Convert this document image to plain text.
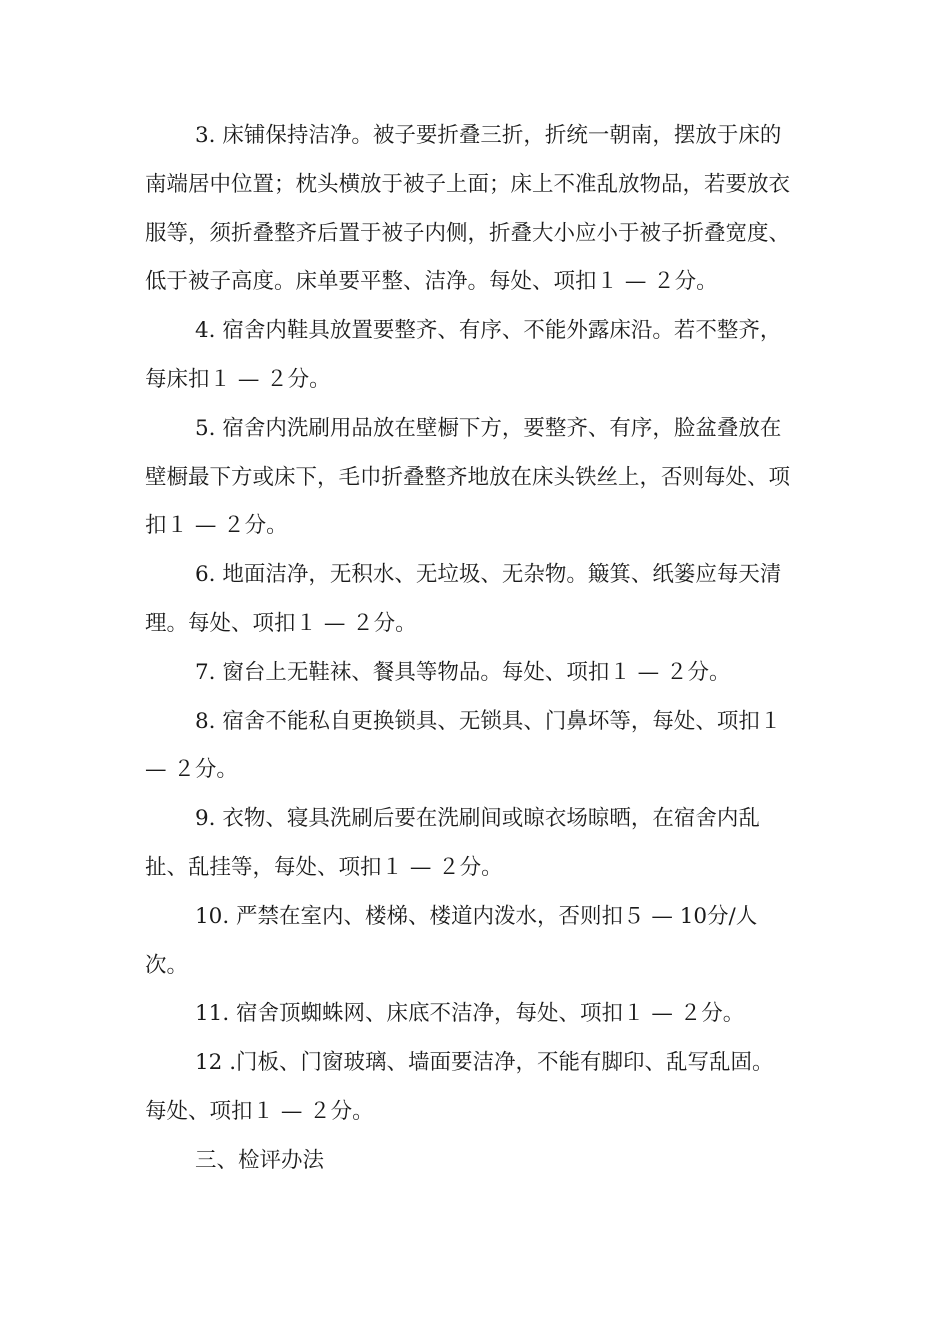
3. 床铺保持洁净。被子要折叠三折，折统一朝南，摆放于床的
南端居中位置；枕头横放于被子上面；床上不准乱放物品，若要放衣
服等，须折叠整齐后置于被子内侧，折叠大小应小于被子折叠宽度、
低于被子高度。床单要平整、洁净。每处、项扣１ — ２分。
4. 宿舍内鞋具放置要整齐、有序、不能外露床沿。若不整齐，
每床扣１ — ２分。
5. 宿舍内洗刷用品放在壁橱下方，要整齐、有序，脸盆叠放在
壁橱最下方或床下，毛巾折叠整齐地放在床头铁丝上，否则每处、项
扣１ — ２分。
6. 地面洁净，无积水、无垃圾、无杂物。簸箕、纸篓应每天清
理。每处、项扣１ — ２分。
7. 窗台上无鞋袜、餐具等物品。每处、项扣１ — ２分。
8. 宿舍不能私自更换锁具、无锁具、门鼻坏等，每处、项扣１
— ２分。
9. 衣物、寝具洗刷后要在洗刷间或晾衣场晾晒，在宿舍内乱
扯、乱挂等，每处、项扣１ — ２分。
10. 严禁在室内、楼梯、楼道内泼水，否则扣５ — 10分/人
次。
11. 宿舍顶蜘蛛网、床底不洁净，每处、项扣１ — ２分。
12 .门板、门窗玻璃、墙面要洁净，不能有脚印、乱写乱固。
每处、项扣１ — ２分。
三、检评办法
